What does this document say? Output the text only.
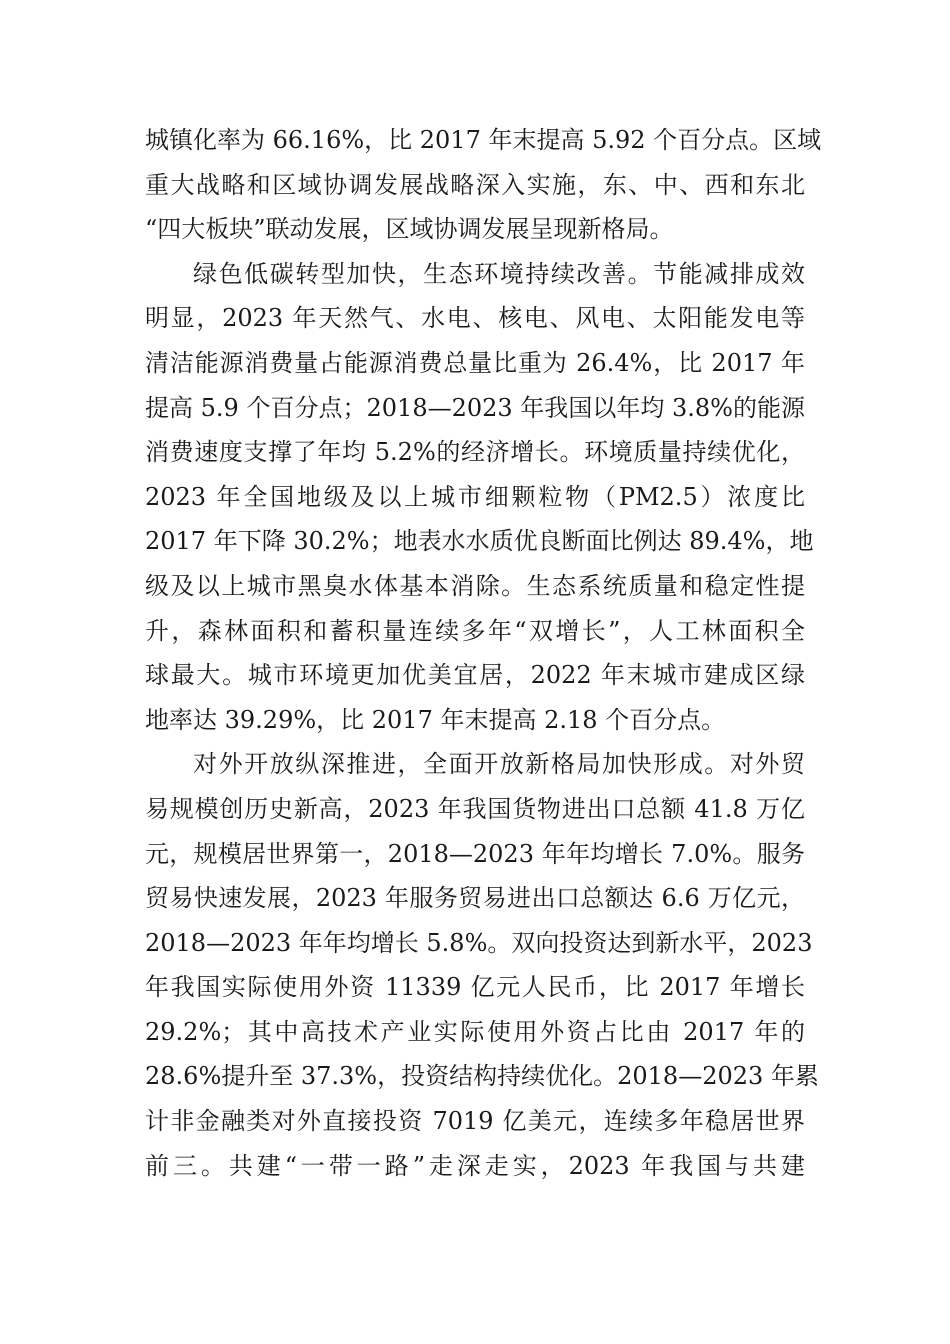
城镇化率为 66.16%，比 2017 年末提高 5.92 个百分点。区域
重大战略和区域协调发展战略深入实施，东、中、西和东北
“四大板块”联动发展，区域协调发展呈现新格局。
绿色低碳转型加快，生态环境持续改善。节能减排成效
明显，2023 年天然气、水电、核电、风电、太阳能发电等
清洁能源消费量占能源消费总量比重为 26.4%，比 2017 年
提高 5.9 个百分点；2018—2023 年我国以年均 3.8%的能源
消费速度支撑了年均 5.2%的经济增长。环境质量持续优化，
2023 年全国地级及以上城市细颗粒物（PM2.5）浓度比
2017 年下降 30.2%；地表水水质优良断面比例达 89.4%，地
级及以上城市黑臭水体基本消除。生态系统质量和稳定性提
升，森林面积和蓄积量连续多年“双增长”，人工林面积全
球最大。城市环境更加优美宜居，2022 年末城市建成区绿
地率达 39.29%，比 2017 年末提高 2.18 个百分点。
对外开放纵深推进，全面开放新格局加快形成。对外贸
易规模创历史新高，2023 年我国货物进出口总额 41.8 万亿
元，规模居世界第一，2018—2023 年年均增长 7.0%。服务
贸易快速发展，2023 年服务贸易进出口总额达 6.6 万亿元，
2018—2023 年年均增长 5.8%。双向投资达到新水平，2023
年我国实际使用外资 11339 亿元人民币，比 2017 年增长
29.2%；其中高技术产业实际使用外资占比由 2017 年的
28.6%提升至 37.3%，投资结构持续优化。2018—2023 年累
计非金融类对外直接投资 7019 亿美元，连续多年稳居世界
前三。共建“一带一路”走深走实，2023 年我国与共建
